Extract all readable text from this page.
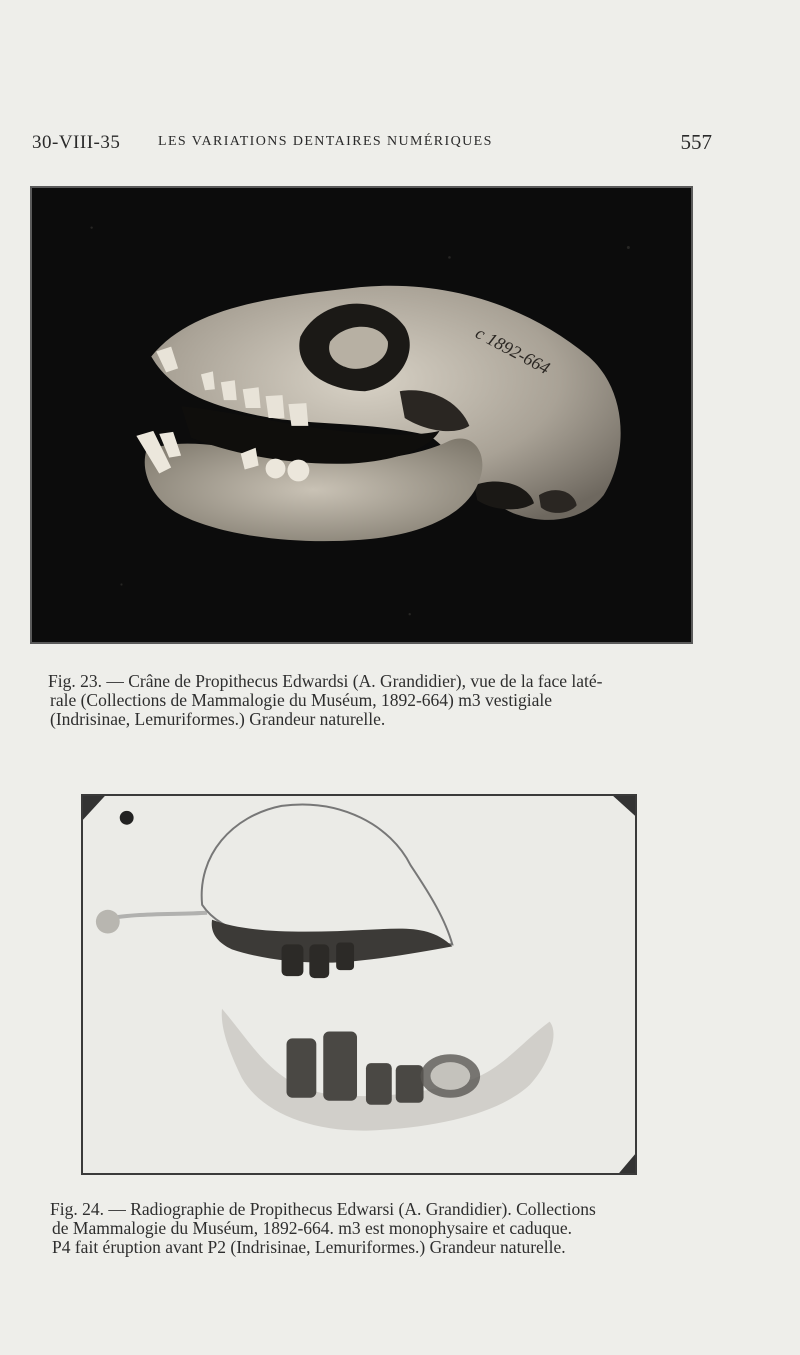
30-VIII-35	LES VARIATIONS DENTAIRES NUMÉRIQUES	557
c 1892-664
Fig. 23. — Crâne de Propithecus Edwardsi (A. Grandidier), vue de la face laté-
rale (Collections de Mammalogie du Muséum, 1892-664) m3 vestigiale
(Indrisinae, Lemuriformes.) Grandeur naturelle.
Fig. 24. — Radiographie de Propithecus Edwarsi (A. Grandidier). Collections
de Mammalogie du Muséum, 1892-664. m3 est monophysaire et caduque.
P4 fait éruption avant P2 (Indrisinae, Lemuriformes.) Grandeur naturelle.
